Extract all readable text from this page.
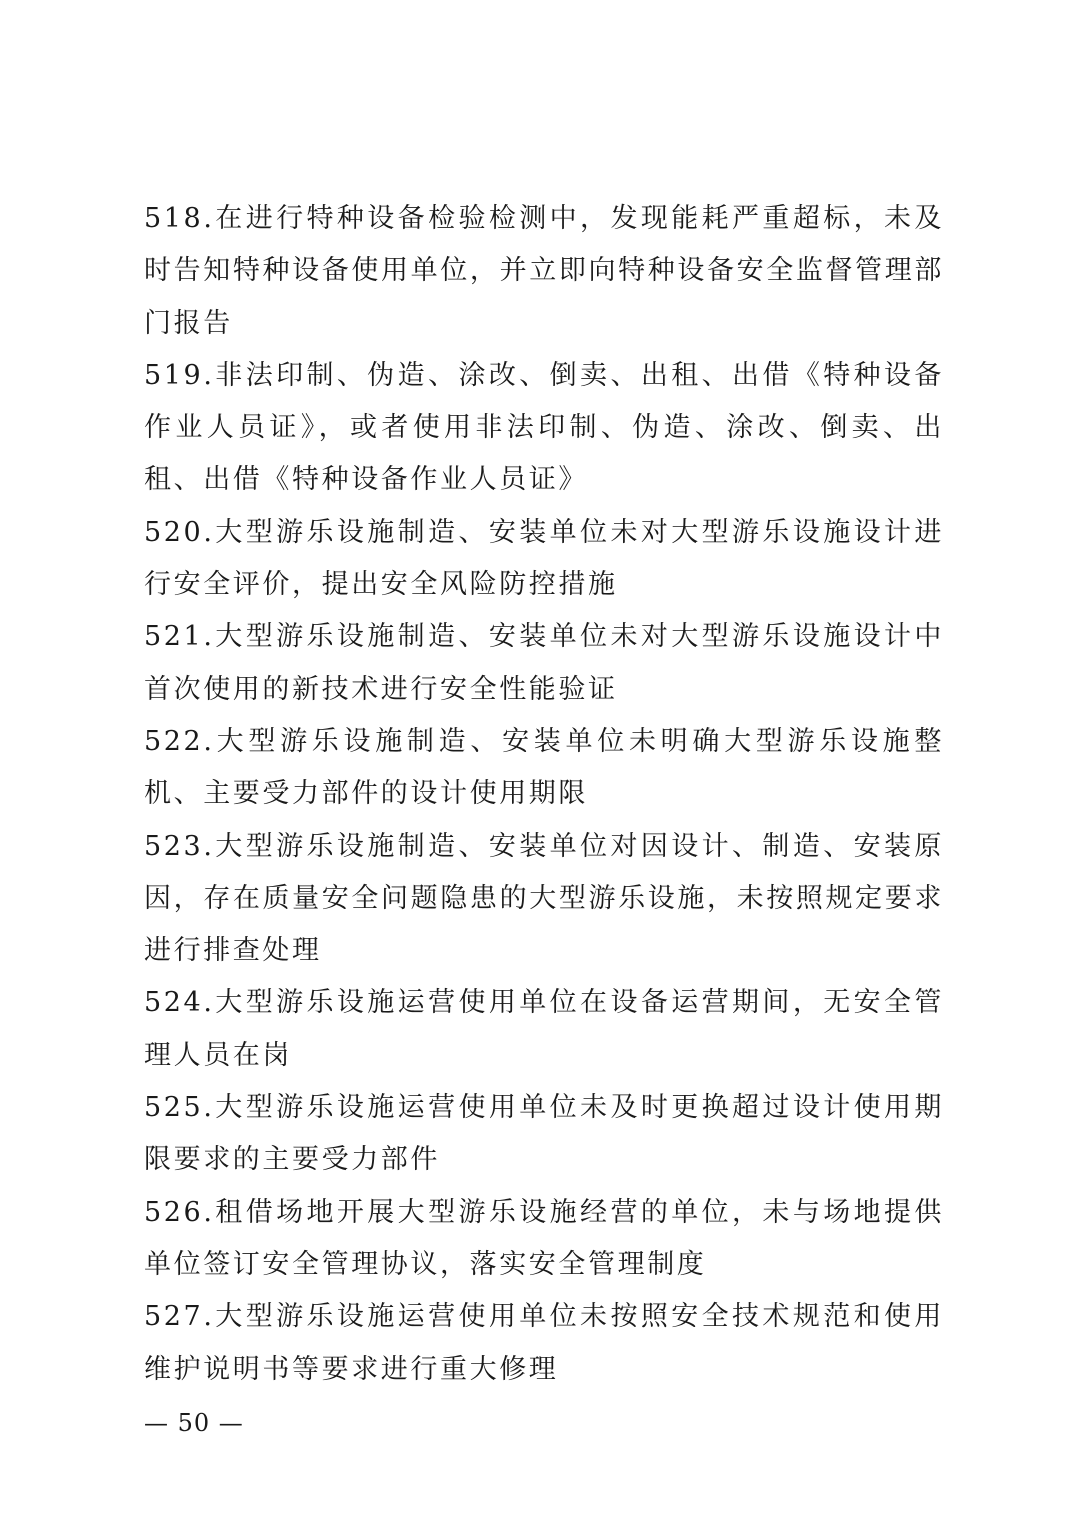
518.在进行特种设备检验检测中，发现能耗严重超标，未及时告知特种设备使用单位，并立即向特种设备安全监督管理部门报告

519.非法印制、伪造、涂改、倒卖、出租、出借《特种设备作业人员证》，或者使用非法印制、伪造、涂改、倒卖、出租、出借《特种设备作业人员证》

520.大型游乐设施制造、安装单位未对大型游乐设施设计进行安全评价，提出安全风险防控措施

521.大型游乐设施制造、安装单位未对大型游乐设施设计中首次使用的新技术进行安全性能验证

522.大型游乐设施制造、安装单位未明确大型游乐设施整机、主要受力部件的设计使用期限

523.大型游乐设施制造、安装单位对因设计、制造、安装原因，存在质量安全问题隐患的大型游乐设施，未按照规定要求进行排查处理

524.大型游乐设施运营使用单位在设备运营期间，无安全管理人员在岗

525.大型游乐设施运营使用单位未及时更换超过设计使用期限要求的主要受力部件

526.租借场地开展大型游乐设施经营的单位，未与场地提供单位签订安全管理协议，落实安全管理制度

527.大型游乐设施运营使用单位未按照安全技术规范和使用维护说明书等要求进行重大修理

— 50 —
